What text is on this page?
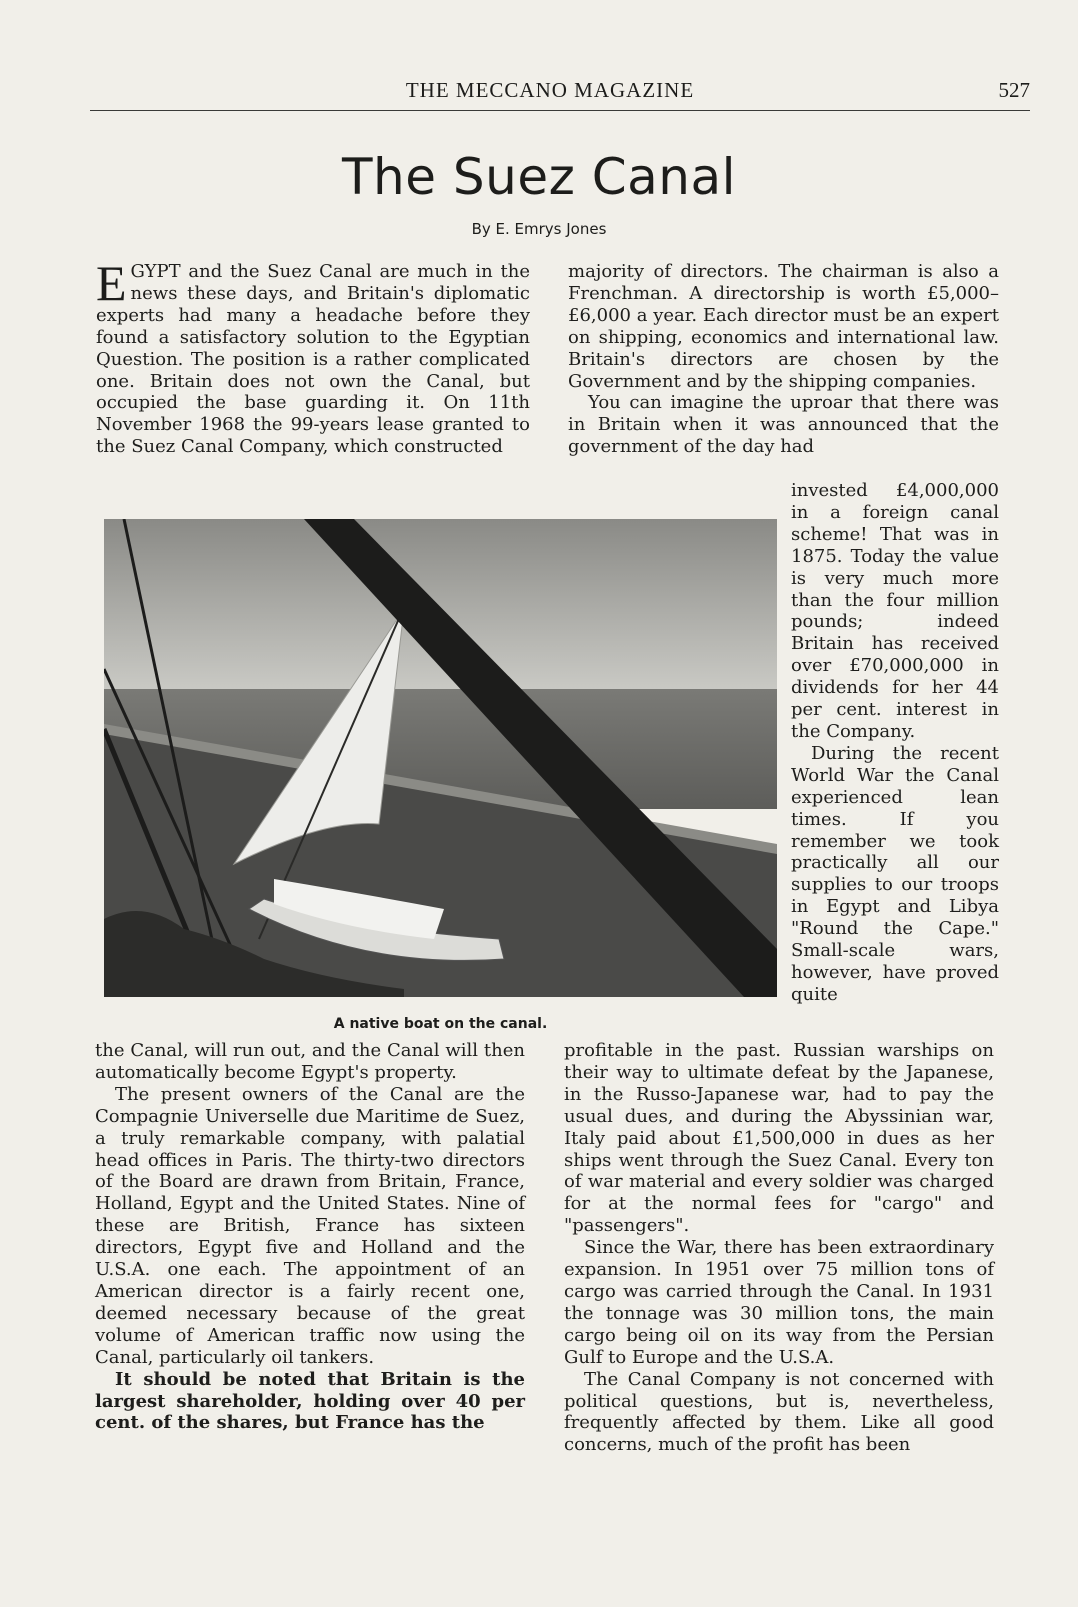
THE MECCANO MAGAZINE	527
The Suez Canal
By E. Emrys Jones

EGYPT and the Suez Canal are much in the news these days, and Britain's diplomatic experts had many a headache before they found a satisfactory solution to the Egyptian Question. The position is a rather complicated one. Britain does not own the Canal, but occupied the base guarding it. On 11th November 1968 the 99-years lease granted to the Suez Canal Company, which constructed

majority of directors. The chairman is also a Frenchman. A directorship is worth £5,000–£6,000 a year. Each director must be an expert on shipping, economics and international law. Britain's directors are chosen by the Government and by the shipping companies.

You can imagine the uproar that there was in Britain when it was announced that the government of the day had

A native boat on the canal.

invested £4,000,000 in a foreign canal scheme! That was in 1875. Today the value is very much more than the four million pounds; indeed Britain has received over £70,000,000 in dividends for her 44 per cent. interest in the Company.

During the recent World War the Canal experienced lean times. If you remember we took practically all our supplies to our troops in Egypt and Libya "Round the Cape." Small-scale wars, however, have proved quite

the Canal, will run out, and the Canal will then automatically become Egypt's property.

The present owners of the Canal are the Compagnie Universelle due Maritime de Suez, a truly remarkable company, with palatial head offices in Paris. The thirty-two directors of the Board are drawn from Britain, France, Holland, Egypt and the United States. Nine of these are British, France has sixteen directors, Egypt five and Holland and the U.S.A. one each. The appointment of an American director is a fairly recent one, deemed necessary because of the great volume of American traffic now using the Canal, particularly oil tankers.

It should be noted that Britain is the largest shareholder, holding over 40 per cent. of the shares, but France has the

profitable in the past. Russian warships on their way to ultimate defeat by the Japanese, in the Russo-Japanese war, had to pay the usual dues, and during the Abyssinian war, Italy paid about £1,500,000 in dues as her ships went through the Suez Canal. Every ton of war material and every soldier was charged for at the normal fees for "cargo" and "passengers".

Since the War, there has been extraordinary expansion. In 1951 over 75 million tons of cargo was carried through the Canal. In 1931 the tonnage was 30 million tons, the main cargo being oil on its way from the Persian Gulf to Europe and the U.S.A.

The Canal Company is not concerned with political questions, but is, nevertheless, frequently affected by them. Like all good concerns, much of the profit has been
